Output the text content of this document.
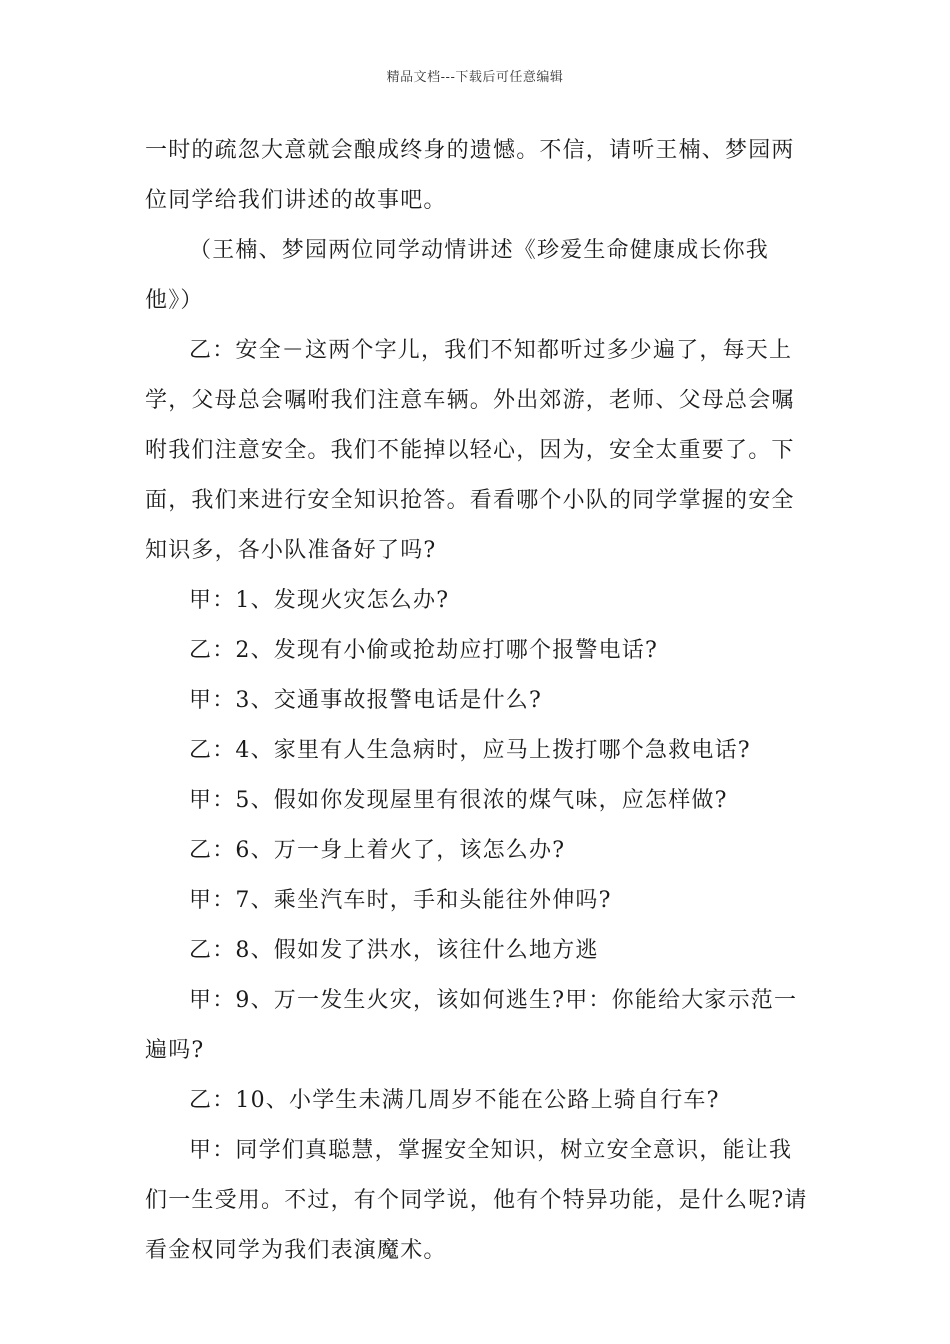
精品文档---下载后可任意编辑

一时的疏忽大意就会酿成终身的遗憾。不信，请听王楠、梦园两位同学给我们讲述的故事吧。

（王楠、梦园两位同学动情讲述《珍爱生命健康成长你我他》）

乙：安全－这两个字儿，我们不知都听过多少遍了，每天上学，父母总会嘱咐我们注意车辆。外出郊游，老师、父母总会嘱咐我们注意安全。我们不能掉以轻心，因为，安全太重要了。下面，我们来进行安全知识抢答。看看哪个小队的同学掌握的安全知识多，各小队准备好了吗?

甲：1、发现火灾怎么办?

乙：2、发现有小偷或抢劫应打哪个报警电话?

甲：3、交通事故报警电话是什么?

乙：4、家里有人生急病时，应马上拨打哪个急救电话?

甲：5、假如你发现屋里有很浓的煤气味，应怎样做?

乙：6、万一身上着火了，该怎么办?

甲：7、乘坐汽车时，手和头能往外伸吗?

乙：8、假如发了洪水，该往什么地方逃

甲：9、万一发生火灾，该如何逃生?甲：你能给大家示范一遍吗?

乙：10、小学生未满几周岁不能在公路上骑自行车?

甲：同学们真聪慧，掌握安全知识，树立安全意识，能让我们一生受用。不过，有个同学说，他有个特异功能，是什么呢?请看金权同学为我们表演魔术。
